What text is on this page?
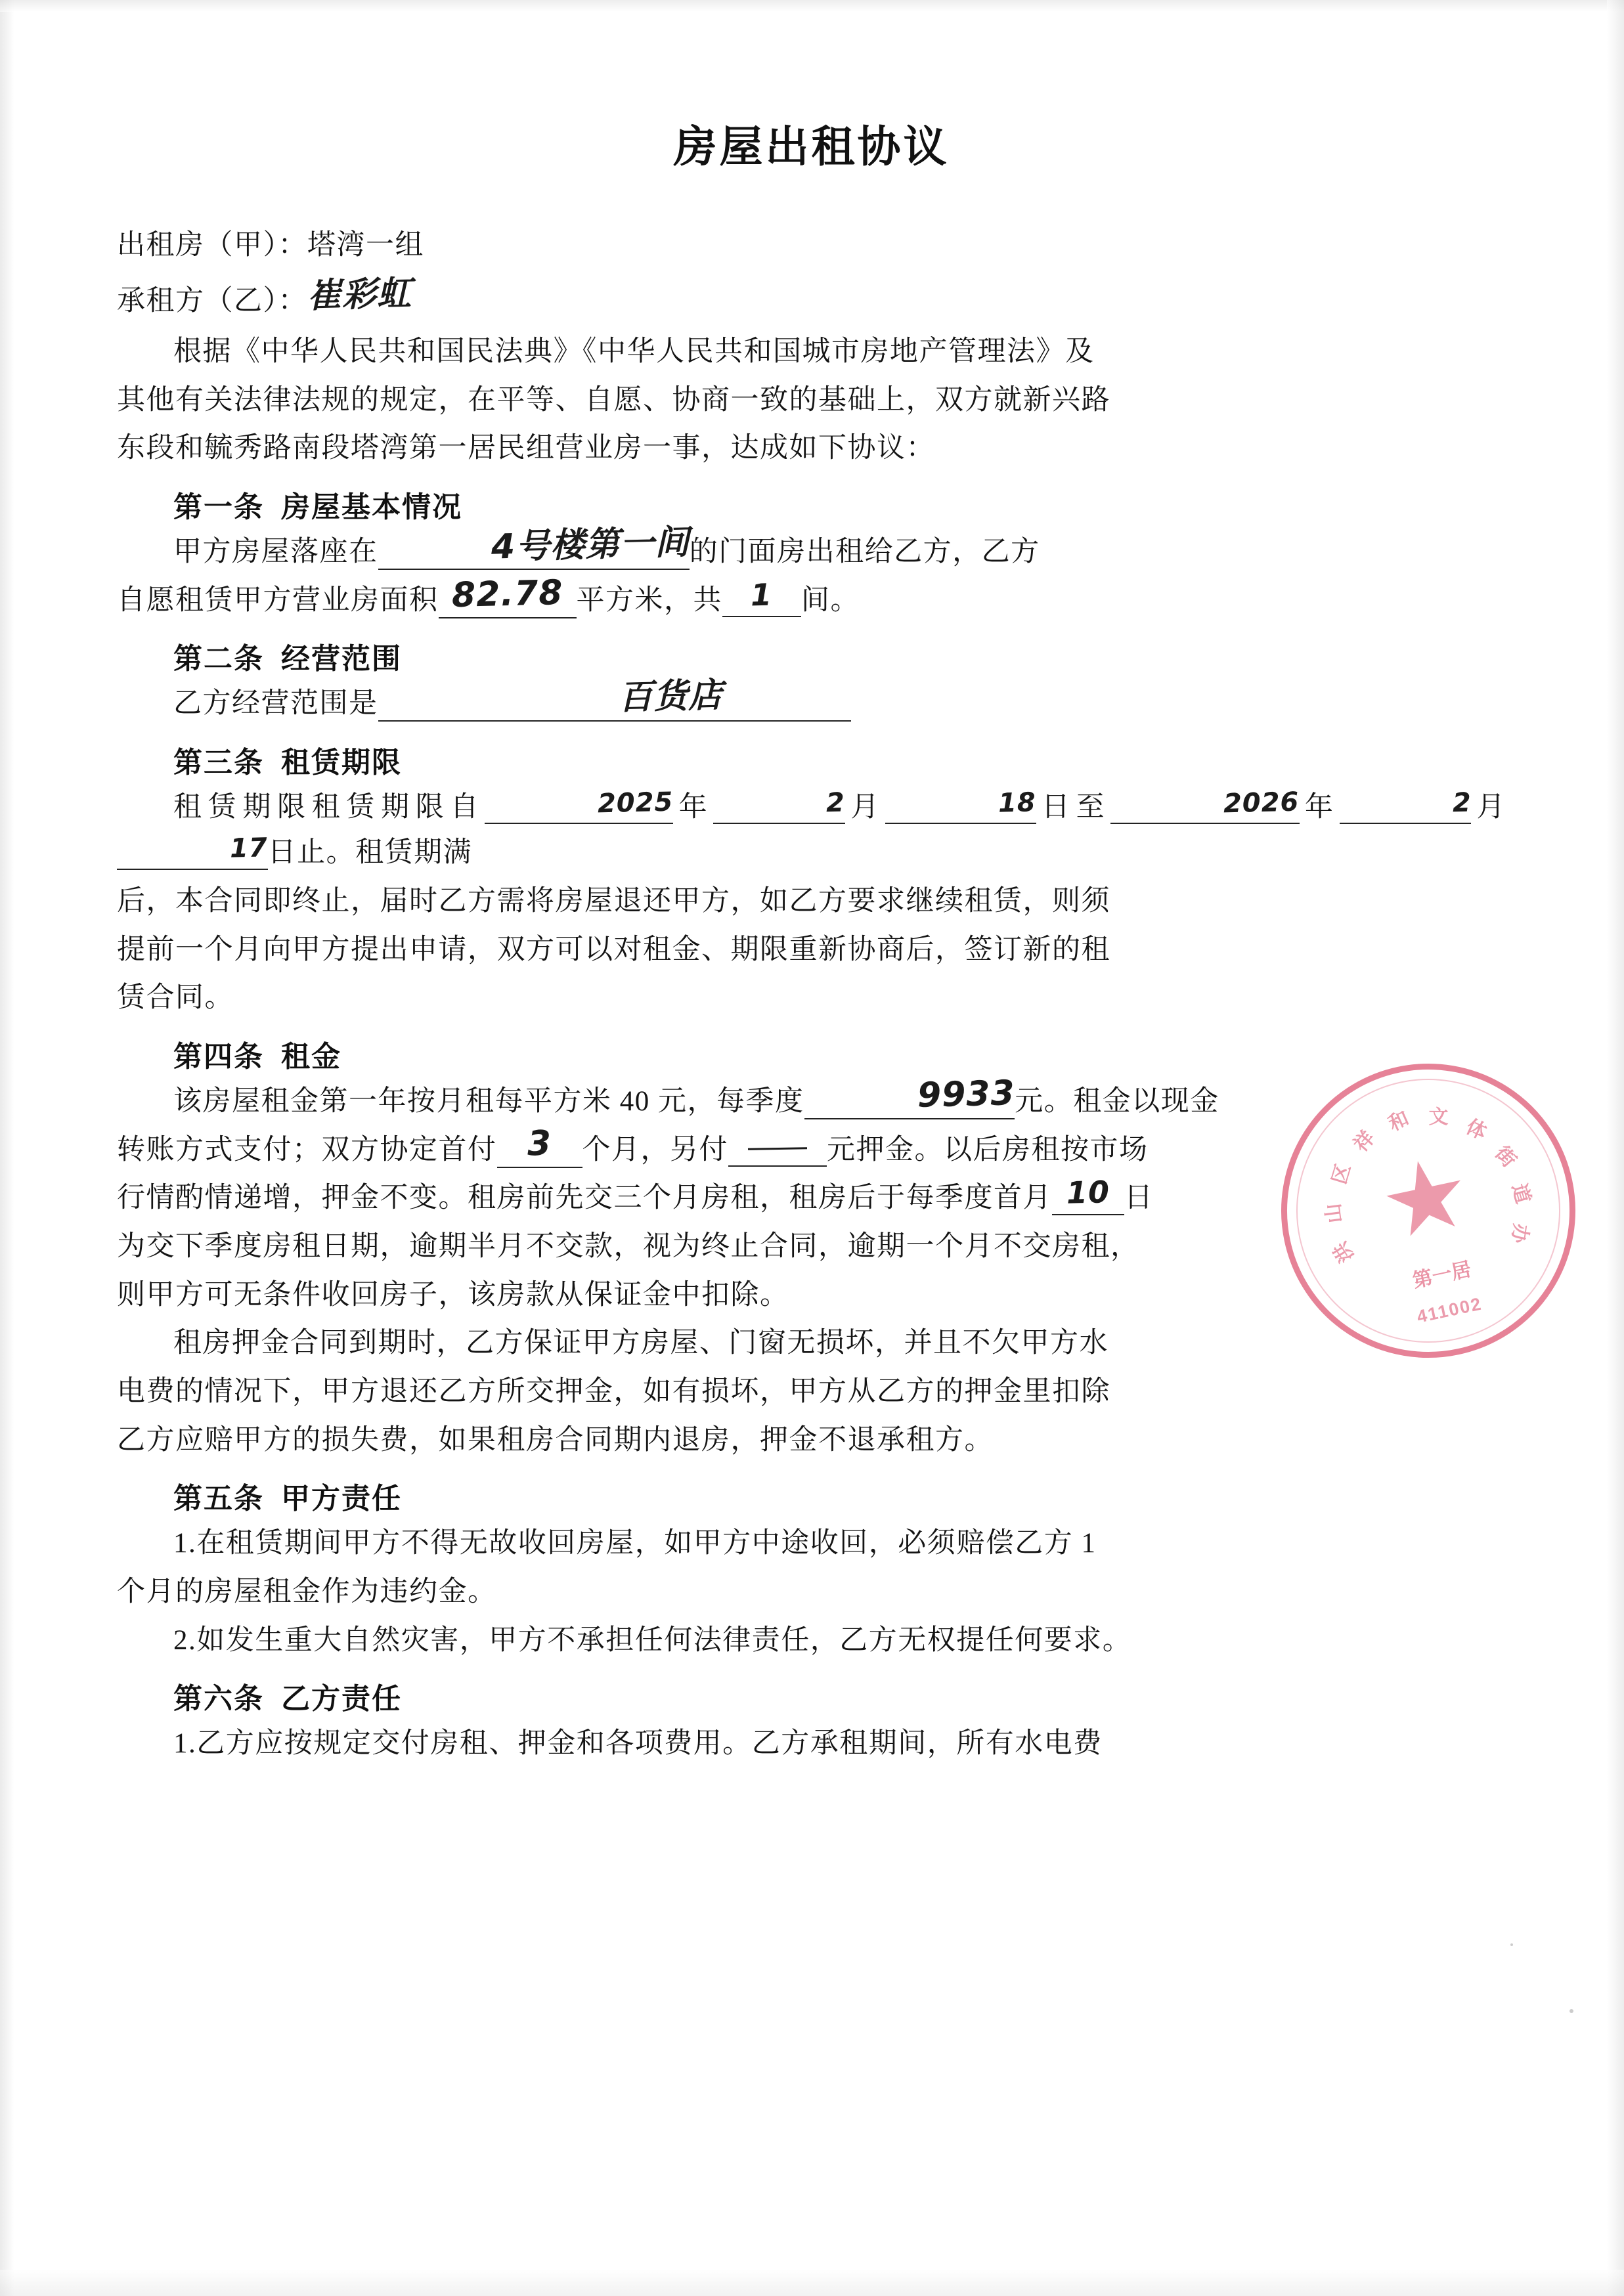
第一居
411002
洪
山
区
祥
和 文 体
街
道
办
房屋出租协议

出租房（甲）：塔湾一组

承租方（乙）：崔彩虹

根据《中华人民共和国民法典》《中华人民共和国城市房地产管理法》及

其他有关法律法规的规定，在平等、自愿、协商一致的基础上，双方就新兴路

东段和毓秀路南段塔湾第一居民组营业房一事，达成如下协议：

第一条 房屋基本情况

甲方房屋落座在	4号楼第一间的门面房出租给乙方，乙方

自愿租赁甲方营业房面积 82.78 平方米，共 1 间。

第二条 经营范围

乙方经营范围是	百货店

第三条 租赁期限

租赁期限租赁期限自	2025年	2月	18日至	2026年	2月17日止。租赁期满

后，本合同即终止，届时乙方需将房屋退还甲方，如乙方要求继续租赁，则须

提前一个月向甲方提出申请，双方可以对租金、期限重新协商后，签订新的租

赁合同。

第四条 租金

该房屋租金第一年按月租每平方米 40 元，每季度	9933元。租金以现金

转账方式支付；双方协定首付 3 个月，另付	元押金。以后房租按市场

行情酌情递增，押金不变。租房前先交三个月房租，租房后于每季度首月 10 日

为交下季度房租日期，逾期半月不交款，视为终止合同，逾期一个月不交房租，

则甲方可无条件收回房子，该房款从保证金中扣除。

租房押金合同到期时，乙方保证甲方房屋、门窗无损坏，并且不欠甲方水

电费的情况下，甲方退还乙方所交押金，如有损坏，甲方从乙方的押金里扣除

乙方应赔甲方的损失费，如果租房合同期内退房，押金不退承租方。

第五条 甲方责任

1.在租赁期间甲方不得无故收回房屋，如甲方中途收回，必须赔偿乙方 1

个月的房屋租金作为违约金。

2.如发生重大自然灾害，甲方不承担任何法律责任，乙方无权提任何要求。

第六条 乙方责任

1.乙方应按规定交付房租、押金和各项费用。乙方承租期间，所有水电费
